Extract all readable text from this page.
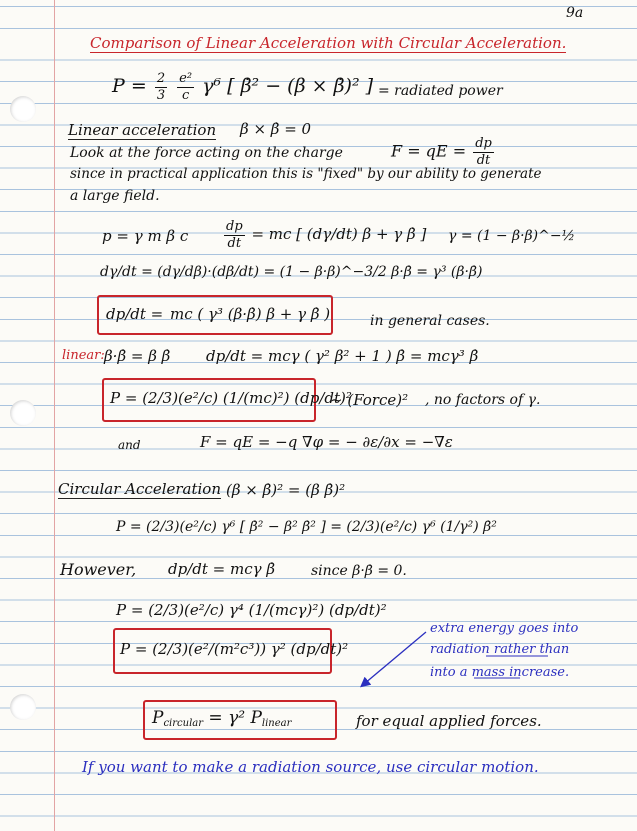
9a

Comparison of Linear Acceleration with Circular Acceleration.

$P = \frac{2}{3}$
$\frac{\text{e²}}{c} \gamma^6$ [ β̇² − (β × β̇)² ] = radiated power

Linear acceleration β × β̇ = 0

Look at the force acting on the charge	F = qE = $\frac{dp}{dt}$

since in practical application this is "fixed" by our ability to generate

a large field.

p = γ m β c	$\frac{dp}{dt}$ = mc [ (dγ/dt) β + γ β̇ ] γ = (1 − β·β)^−½

dγ/dt = (dγ/dβ)·(dβ/dt) = (1 − β·β)^−3/2 β·β̇ = γ³ (β·β̇)

dp/dt = mc ( γ³ (β·β̇) β + γ β̇ )	in general cases.

linear: β·β̇ = β β̇ dp/dt = mcγ ( γ² β² + 1 ) β̇ = mcγ³ β̇

P = (2/3)(e²/c) (1/(mc)²) (dp/dt)²

~ (Force)² , no factors of γ.

and	F = qE = −q ∇φ = − ∂ε/∂x = −∇ε

Circular Acceleration (β × β̇)² = (β β̇)²

P = (2/3)(e²/c) γ⁶ [ β̇² − β² β̇² ] = (2/3)(e²/c) γ⁶ (1/γ²) β̇²

However, dp/dt = mcγ β̇	since β·β̇ = 0.

P = (2/3)(e²/c) γ⁴ (1/(mcγ)²) (dp/dt)²

P = (2/3)(e²/(m²c³)) γ² (dp/dt)²

extra energy goes into

radiation rather than

into a mass increase.

$P_{circular} = \gamma^2$ $P_{linear}$	for equal applied forces.

If you want to make a radiation source, use circular motion.
